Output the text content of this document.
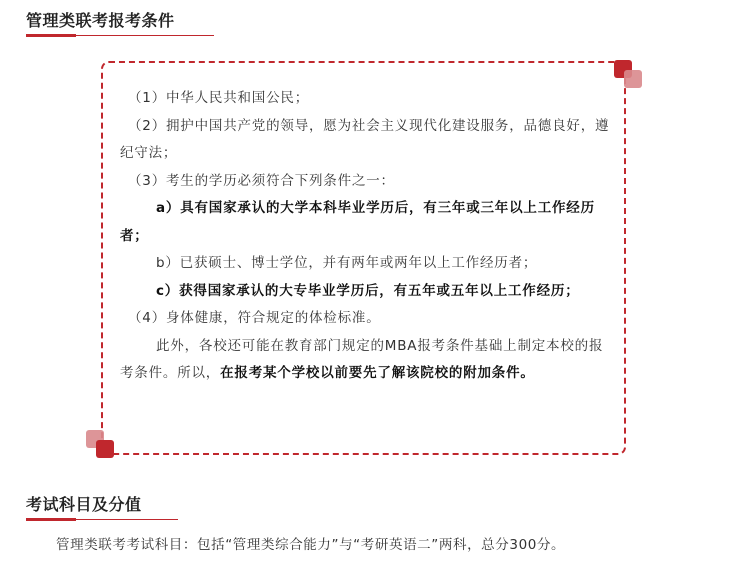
管理类联考报考条件

（1）中华人民共和国公民；

（2）拥护中国共产党的领导，愿为社会主义现代化建设服务，品德良好，遵纪守法；

（3）考生的学历必须符合下列条件之一：

a）具有国家承认的大学本科毕业学历后，有三年或三年以上工作经历者；

b）已获硕士、博士学位，并有两年或两年以上工作经历者；

c）获得国家承认的大专毕业学历后，有五年或五年以上工作经历；

（4）身体健康，符合规定的体检标准。

此外，各校还可能在教育部门规定的MBA报考条件基础上制定本校的报考条件。所以，在报考某个学校以前要先了解该院校的附加条件。

考试科目及分值
管理类联考考试科目：包括“管理类综合能力”与“考研英语二”两科，总分300分。
